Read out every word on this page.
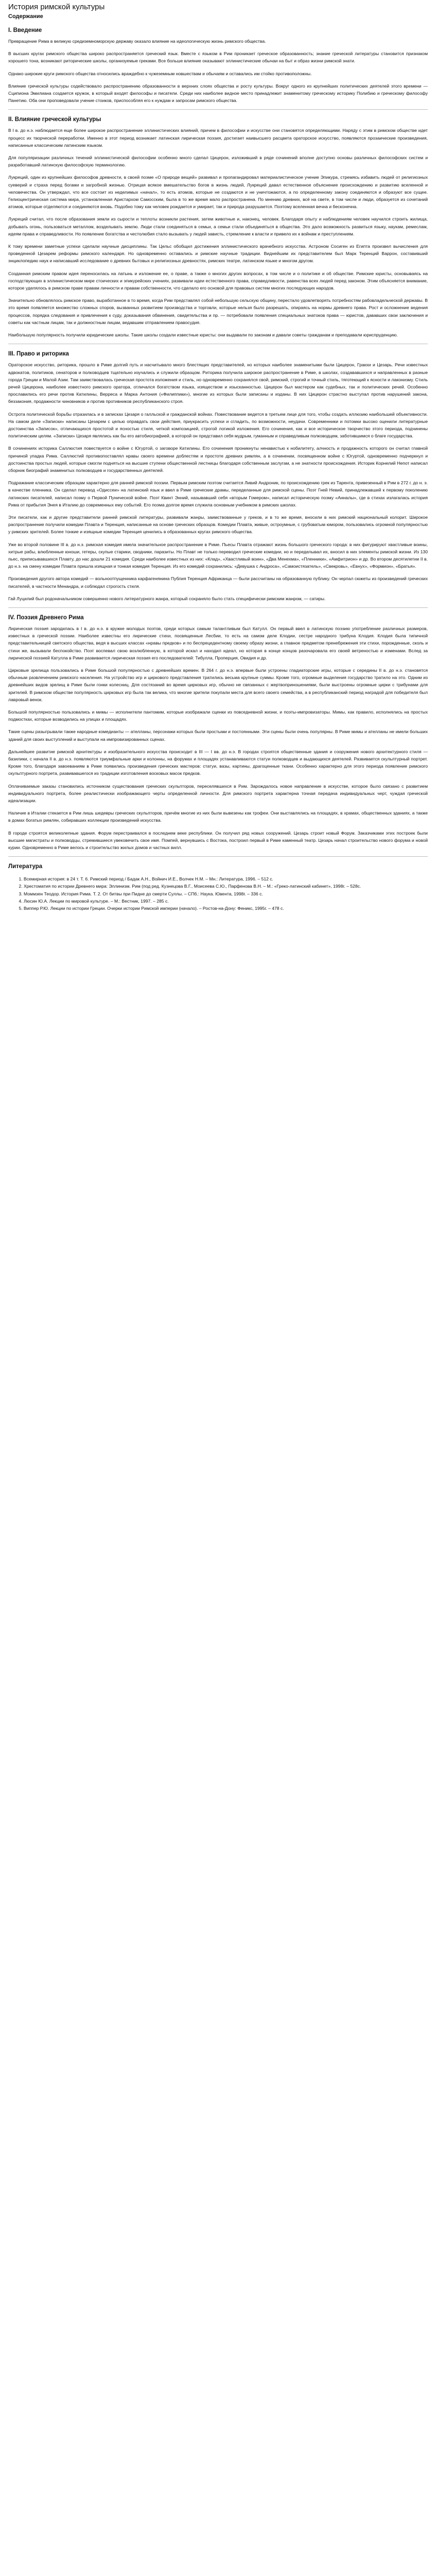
История римской культуры
Содержание
I. Введение

Превращение Рима в великую средиземноморскую державу оказало влияние на идеологическую жизнь римского общества.

В высших кругах римского общества широко распространяется греческий язык. Вместе с языком в Рим проникает греческое образованность; знание греческой литературы становится признаком хорошего тона, возникают риторические школы, организуемые греками. Все больше влияние оказывают эллинистические обычаи на быт и образ жизни римской знати.

Однако широкие круги римского общества относились враждебно к чужеземным новшествам и обычаям и оставались им стойко противоположны.

Влияние греческой культуры содействовало распространению образованности в верхних слоях общества и росту культуры. Вокруг одного из крупнейших политических деятелей этого времени — Сципиона Эмилиана создается кружок, в который входят философы и писатели. Среди них наиболее видное место принадлежит знаменитому греческому историку Полибию и греческому философу Панетию. Оба они проповедовали учение стоиков, приспособляя его к нуждам и запросам римского общества.

II. Влияние греческой культуры

В I в. до н.э. наблюдается еще более широкое распространение эллинистических влияний, причем в философии и искусстве они становятся определяющими. Наряду с этим в римском обществе идет процесс их творческой переработки. Именно в этот период возникает латинская лирическая поэзия, достигает наивысшего расцвета ораторское искусство, появляются прозаические произведения, написанные классическим латинским языком.

Для популяризации различных течений эллинистической философии особенно много сделал Цицерон, изложивший в ряде сочинений вполне доступно основы различных философских систем и разработавший латинскую философскую терминологию.

Лукреций, один из крупнейших философов древности, в своей поэме «О природе вещей» развивал и пропагандировал материалистическое учение Эпикура, стремясь избавить людей от религиозных суеверий и страха перед богами и загробной жизнью. Отрицая всякое вмешательство богов в жизнь людей, Лукреций давал естественное объяснение происхождению и развитию вселенной и человечества. Он утверждал, что все состоит из неделимых «начал», то есть атомов, которые не создаются и не уничтожаются, а по определенному закону соединяются и образуют все сущее. Гелиоцентрическая система мира, установленная Аристархом Самосским, была в то же время мало распространена. По мнению древних, всё на свете, в том числе и люди, образуется из сочетаний атомов, которые отделяются и соединяются вновь. Подобно тому как человек рождается и умирает, так и природа разрушается. Поэтому вселенная вечна и бесконечна.

Лукреций считал, что после образования земли из сырости и теплоты возникли растения, затем животные и, наконец, человек. Благодаря опыту и наблюдениям человек научился строить жилища, добывать огонь, пользоваться металлом, возделывать землю. Люди стали соединяться в семьи, а семьи стали объединяться в общества. Это дало возможность развиться языку, наукам, ремеслам, идеям права и справедливости. Но появление богатства и честолюбия стало вызывать у людей зависть, стремление к власти и привело их к войнам и преступлениям.

К тому времени заметные успехи сделали научные дисциплины. Так Цельс обобщил достижения эллинистического врачебного искусства. Астроном Сосиген из Египта произвел вычисления для проведенной Цезарем реформы римского календаря. Но одновременно оставались и римские научные традиции. Виднейшим их представителем был Марк Теренций Варрон, составивший энциклопедию наук и написавший исследование о древних бытовых и религиозных древностях, римских театре, латинском языке и многом другом.

Созданная римским правом идея переносилась на латынь и изложение ее, о праве, а также о многих других вопросах, в том числе и о политике и об обществе. Римские юристы, основываясь на господствующих в эллинистическом мире стоических и эпикурейских учениях, развивали идеи естественного права, справедливости, равенства всех людей перед законом. Этим объясняется внимание, которое уделялось в римском праве правам личности и правам собственности, что сделало его основой для правовых систем многих последующих народов.

Значительно обновлялось римское право, выработанное в то время, когда Рим представлял собой небольшую сельскую общину, перестало удовлетворять потребностям рабовладельческой державы. В это время появляется множество сложных споров, вызванных развитием производства и торговли, которые нельзя было разрешать, опираясь на нормы древнего права. Рост и осложнение ведения процессов, порядка следования и привлечения к суду, доказывания обвинения, свидетельства и пр. — потребовали появления специальных знатоков права — юристов, дававших свои заключения и советы как частным лицам, так и должностным лицам, ведавшим отправлением правосудия.

Наибольшую популярность получили юридические школы. Такие школы создали известные юристы: они выдавали по законам и давали советы гражданам и преподавали юриспруденцию.

III. Право и риторика

Ораторское искусство, риторика, прошло в Риме долгий путь и насчитывало много блестящих представителей, но которых наиболее знаменитыми были Цицерон, Гракхи и Цезарь. Речи известных адвокатов, политиков, сенаторов и полководцев тщательно изучались и служили образцом. Риторика получила широкое распространение в Риме, в школах, создававшихся и направленных в разные города Греции и Малой Азии. Там заимствовалась греческая простота изложения и стиль, но одновременно сохранялся свой, римский, строгий и точный стиль, тяготеющий к ясности и лаконизму. Стиль речей Цицерона, наиболее известного римского оратора, отличался богатством языка, изяществом и изысканностью. Цицерон был мастером как судебных, так и политических речей. Особенно прославились его речи против Катилины, Верреса и Марка Антония («Филиппики»), многие из которых были записаны и изданы. В них Цицерон страстно выступал против нарушений закона, беззакония, продажности чиновников и против противников республиканского строя.

Острота политической борьбы отразилась и в записках Цезаря о галльской и гражданской войнах. Повествование ведется в третьем лице для того, чтобы создать иллюзию наибольшей объективности. На самом деле «Записки» написаны Цезарем с целью оправдать свои действия, приукрасить успехи и сгладить, по возможности, неудачи. Современники и потомки высоко оценили литературные достоинства «Записок», отличающихся простотой и ясностью стиля, четкой композицией, строгой логикой изложения. Его сочинения, как и все историческое творчество этого периода, подчинены политическим целям. «Записки» Цезаря являлись как бы его автобиографией, в которой он представил себя мудрым, гуманным и справедливым полководцем, заботившимся о благе государства.

В сочинениях историка Саллюстия повествуется о войне с Югуртой, о заговоре Катилины. Его сочинения проникнуты ненавистью к нобилитету, алчность и продажность которого он считал главной причиной упадка Рима. Саллюстий противопоставлял нравы своего времени доблестям и простоте древних римлян, а в сочинении, посвященном войне с Югуртой, одновременно подчеркнул и достоинства простых людей, которые смогли подняться на высшие ступени общественной лестницы благодаря собственным заслугам, а не знатности происхождения. Историк Корнелий Непот написал сборник биографий знаменитых полководцев и государственных деятелей.

Подражание классическим образцам характерно для ранней римской поэзии. Первым римским поэтом считается Ливий Андроник, по происхождению грек из Тарента, привезенный в Рим в 272 г. до н. э. в качестве пленника. Он сделал перевод «Одиссеи» на латинский язык и ввел в Риме греческие драмы, переделанные для римской сцены. Поэт Гней Невий, принадлежавший к первому поколению латинских писателей, написал поэму о Первой Пунической войне. Поэт Квинт Энний, называвший себя «вторым Гомером», написал историческую поэму «Анналы», где в стихах излагалась история Рима от прибытия Энея в Италию до современных ему событий. Его поэма долгое время служила основным учебником в римских школах.

Эти писатели, как и другие представители ранней римской литературы, развивали жанры, заимствованные у греков, и в то же время, вносили в них римский национальный колорит. Широкое распространение получили комедии Плавта и Теренция, написанные на основе греческих образцов. Комедии Плавта, живые, остроумные, с грубоватым юмором, пользовались огромной популярностью у римских зрителей. Более тонкие и изящные комедии Теренция ценились в образованных кругах римского общества.

Уже во второй половине III в. до н.э. римская комедия имела значительное распространение в Риме. Пьесы Плавта отражают жизнь большого греческого города: в них фигурируют хвастливые воины, хитрые рабы, влюбленные юноши, гетеры, скупые старики, сводники, паразиты. Но Плавт не только переводил греческие комедии, но и переделывал их, вносил в них элементы римской жизни. Из 130 пьес, приписывавшихся Плавту, до нас дошли 21 комедия. Среди наиболее известных из них: «Клад», «Хвастливый воин», «Два Менехма», «Пленники», «Амфитрион» и др. Во втором десятилетии II в. до н.э. на смену комедии Плавта пришла изящная и тонкая комедия Теренция. Из его комедий сохранились: «Девушка с Андроса», «Самоистязатель», «Свекровь», «Евнух», «Формион», «Братья».

Произведения другого автора комедий — вольноотпущенника карфагенянина Публия Теренция Африканца — были рассчитаны на образованную публику. Он черпал сюжеты из произведений греческих писателей, в частности Менандра, и соблюдал строгость стиля.

Гай Луцилий был родоначальником совершенно нового литературного жанра, который сохраняло было стать специфически римским жанром, — сатиры.

IV. Поэзия Древнего Рима

Лирическая поэзия зародилась в I в. до н.э. в кружке молодых поэтов, среди которых самым талантливым был Катулл. Он первый ввел в латинскую поэзию употребление различных размеров, известных в греческой поэзии. Наиболее известны его лирические стихи, посвященные Лесбии, то есть на самом деле Клодии, сестре народного трибуна Клодия. Клодия была типичной представительницей светского общества, ведя в высших классах «нравы предков» и по беспрецедентному своему образу жизни, а главное предметом пренебрежения эти стихи, порожденные, сколь и стихи же, вызывали беспокойство. Поэт воспевал свою возлюбленную, в которой искал и находил идеал, но которая в конце концов разочаровала его своей ветреностью и изменами. Вслед за лирической поэзией Катулла в Риме развивается лирическая поэзия его последователей: Тибулла, Проперция, Овидия и др.

Цирковые зрелища пользовались в Риме большой популярностью с древнейших времен. В 264 г. до н.э. впервые были устроены гладиаторские игры, которые с середины II в. до н.э. становятся обычным развлечением римского населения. На устройство игр и циркового представления тратились весьма крупные суммы. Кроме того, огромные выделения государство тратило на это. Одним из древнейших видов зрелищ в Риме были гонки колесниц. Для состязаний во время цирковых игр, обычно не связанных с жертвоприношениями, были выстроены огромные цирки с трибунами для зрителей. В римском обществе популярность цирковых игр была так велика, что многие зрители покупали места для всего своего семейства, а в республиканский период наградой для победителя был лавровый венок.

Большой популярностью пользовались и мимы — исполнители пантомим, которые изображали сценки из повседневной жизни, и поэты-импровизаторы. Мимы, как правило, исполнялись на простых подмостках, которые возводились на улицах и площадях.

Такие сцены разыгрывали также народные комедианты — ателланы, персонажи которых были простыми и постоянными. Эти сцены были очень популярны. В Риме мимы и ателланы не имели больших зданий для своих выступлений и выступали на импровизированных сценах.

Дальнейшее развитие римской архитектуры и изобразительного искусства происходит в III — I вв. до н.э. В городах строятся общественные здания и сооружения нового архитектурного стиля — базилики, с начала II в. до н.э. появляются триумфальные арки и колонны, на форумах и площадях устанавливаются статуи полководцев и выдающихся деятелей. Развивается скульптурный портрет. Кроме того, благодаря завоеваниям в Риме появились произведения греческих мастеров: статуи, вазы, картины, драгоценные ткани. Особенно характерно для этого периода появление римского скульптурного портрета, развивавшегося из традиции изготовления восковых масок предков.

Оплачиваемые заказы становились источником существования греческих скульпторов, переселявшихся в Рим. Зарождалось новое направление в искусстве, которое было связано с развитием индивидуального портрета, более реалистически изображающего черты определенной личности. Для римского портрета характерна точная передача индивидуальных черт, чуждая греческой идеализации.

Наличие в Италии стекается в Рим лишь шедевры греческих скульпторов, причём многие из них были вывезены как трофеи. Они выставлялись на площадях, в храмах, общественных зданиях, а также в домах богатых римлян, собиравших коллекции произведений искусства.

В городе строятся великолепные здания. Форум перестраивался в последнем веке республики. Он получил ряд новых сооружений. Цезарь строит новый Форум. Заказчиками этих построек были высшие магистраты и полководцы, стремившиеся увековечить свое имя. Помпей, вернувшись с Востока, построил первый в Риме каменный театр. Цезарь начал строительство нового форума и новой курии. Одновременно в Риме велось и строительство жилых домов и частных вилл.

Литература
1. Всемирная история: в 24 т. Т. 6. Римский период / Бадак А.Н., Войнич И.Е., Волчек Н.М. – Мн.: Литература, 1996. – 512 с.
2. Хрестоматия по истории Древнего мира: Эллинизм. Рим (под ред. Кузнецова В.Г., Моисеева С.Ю., Парфенова В.Н. – М.: «Греко-латинский кабинет», 1998г. – 528с.
3. Моммзен Теодор. История Рима. Т. 2. От битвы при Пидне до смерти Суллы. – СПб.: Наука. Ювента, 1998г. – 336 с.
4. Люсин Ю.А. Лекции по мировой культуре. – М.: Вестник, 1997. – 285 с.
5. Виппер Р.Ю. Лекции по истории Греции. Очерки истории Римской империи (начало). – Ростов-на-Дону: Феникс, 1995г. – 478 с.
